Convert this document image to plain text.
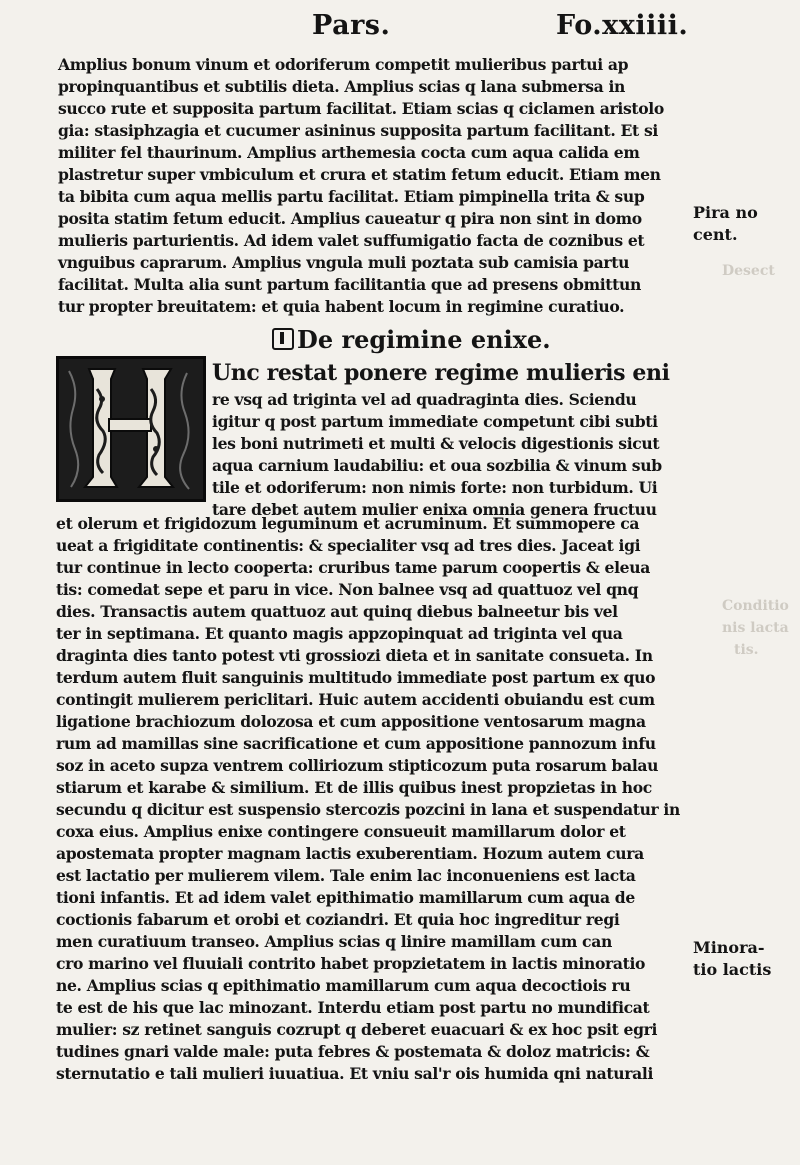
Pars.	Fo.xxiiii.
Desect
Conditio
nis lacta
tis.
Amplius bonum vinum et odoriferum competit mulieribus partui ap
propinquantibus et subtilis dieta. Amplius scias q lana submersa in
succo rute et supposita partum facilitat. Etiam scias q ciclamen aristolo
gia: stasiphzagia et cucumer asininus supposita partum facilitant. Et si
militer fel thaurinum. Amplius arthemesia cocta cum aqua calida em
plastretur super vmbiculum et crura et statim fetum educit. Etiam men
ta bibita cum aqua mellis partu facilitat. Etiam pimpinella trita & sup
posita statim fetum educit. Amplius caueatur q pira non sint in domo
mulieris parturientis. Ad idem valet suffumigatio facta de coznibus et
vnguibus caprarum. Amplius vngula muli poztata sub camisia partu
facilitat. Multa alia sunt partum facilitantia que ad presens obmittun
tur propter breuitatem: et quia habent locum in regimine curatiuo.
Pira no
cent.
De regimine enixe.
Unc restat ponere regime mulieris eni
re vsq ad triginta vel ad quadraginta dies. Sciendu
igitur q post partum immediate competunt cibi subti
les boni nutrimeti et multi & velocis digestionis sicut
aqua carnium laudabiliu: et oua sozbilia & vinum sub
tile et odoriferum: non nimis forte: non turbidum. Ui
tare debet autem mulier enixa omnia genera fructuu
et olerum et frigidozum leguminum et acruminum. Et summopere ca
ueat a frigiditate continentis: & specialiter vsq ad tres dies. Jaceat igi
tur continue in lecto cooperta: cruribus tame parum coopertis & eleua
tis: comedat sepe et paru in vice. Non balnee vsq ad quattuoz vel qnq
dies. Transactis autem quattuoz aut quinq diebus balneetur bis vel
ter in septimana. Et quanto magis appzopinquat ad triginta vel qua
draginta dies tanto potest vti grossiozi dieta et in sanitate consueta. In
terdum autem fluit sanguinis multitudo immediate post partum ex quo
contingit mulierem periclitari. Huic autem accidenti obuiandu est cum
ligatione brachiozum dolozosa et cum appositione ventosarum magna
rum ad mamillas sine sacrificatione et cum appositione pannozum infu
soz in aceto supza ventrem colliriozum stipticozum puta rosarum balau
stiarum et karabe & similium. Et de illis quibus inest propzietas in hoc
secundu q dicitur est suspensio stercozis pozcini in lana et suspendatur in
coxa eius. Amplius enixe contingere consueuit mamillarum dolor et
apostemata propter magnam lactis exuberentiam. Hozum autem cura
est lactatio per mulierem vilem. Tale enim lac inconueniens est lacta
tioni infantis. Et ad idem valet epithimatio mamillarum cum aqua de
coctionis fabarum et orobi et coziandri. Et quia hoc ingreditur regi
men curatiuum transeo. Amplius scias q linire mamillam cum can
cro marino vel fluuiali contrito habet propzietatem in lactis minoratio
ne. Amplius scias q epithimatio mamillarum cum aqua decoctiois ru
te est de his que lac minozant. Interdu etiam post partu no mundificat
mulier: sz retinet sanguis cozrupt q deberet euacuari & ex hoc psit egri
tudines gnari valde male: puta febres & postemata & doloz matricis: &
sternutatio e tali mulieri iuuatiua. Et vniu sal'r ois humida qni naturali
Minora-
tio lactis
